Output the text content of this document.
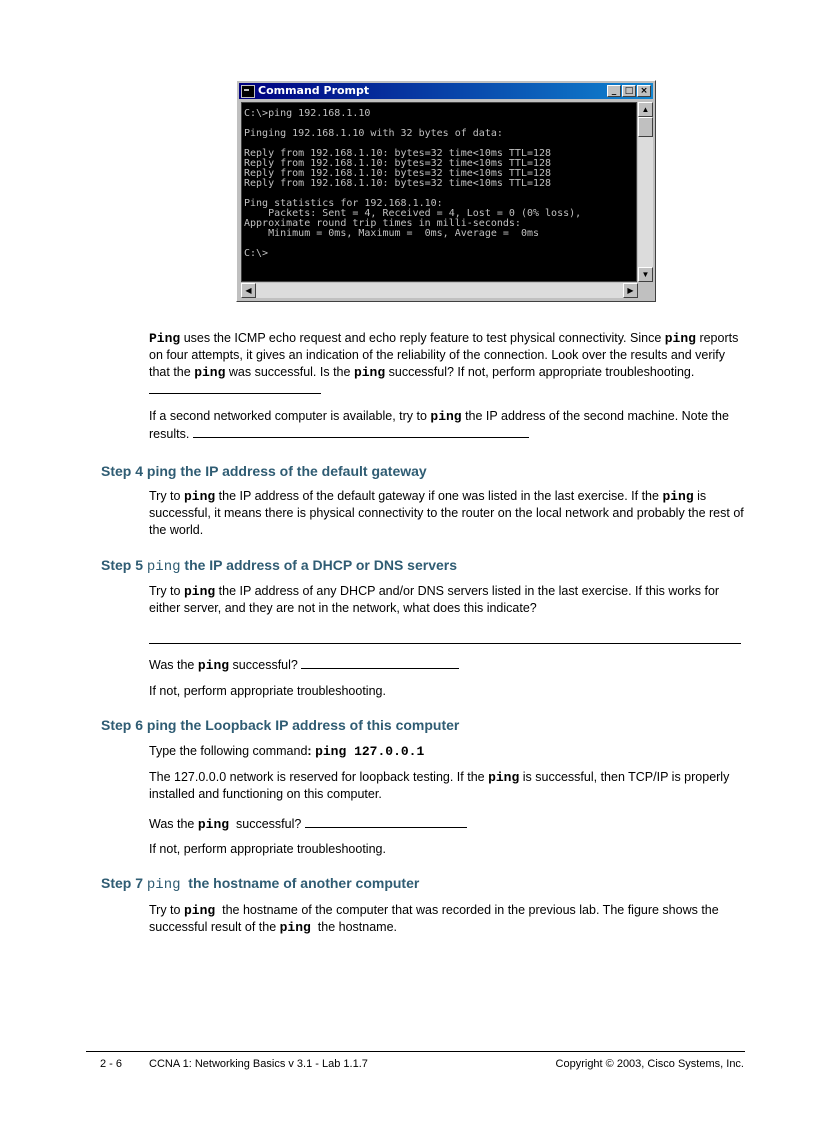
Command Prompt	_ □ ×
C:\>ping 192.168.1.10

Pinging 192.168.1.10 with 32 bytes of data:

Reply from 192.168.1.10: bytes=32 time<10ms TTL=128
Reply from 192.168.1.10: bytes=32 time<10ms TTL=128
Reply from 192.168.1.10: bytes=32 time<10ms TTL=128
Reply from 192.168.1.10: bytes=32 time<10ms TTL=128

Ping statistics for 192.168.1.10:
Packets: Sent = 4, Received = 4, Lost = 0 (0% loss),
Approximate round trip times in milli-seconds:
Minimum = 0ms, Maximum =  0ms, Average =  0ms

C:\>
▲
▼
◀	▶
Ping uses the ICMP echo request and echo reply feature to test physical connectivity. Since ping reports on four attempts, it gives an indication of the reliability of the connection. Look over the results and verify that the ping was successful. Is the ping successful? If not, perform appropriate troubleshooting.
If a second networked computer is available, try to ping the IP address of the second machine. Note the results.
Step 4 ping the IP address of the default gateway
Try to ping the IP address of the default gateway if one was listed in the last exercise. If the ping is successful, it means there is physical connectivity to the router on the local network and probably the rest of the world.
Step 5 ping the IP address of a DHCP or DNS servers
Try to ping the IP address of any DHCP and/or DNS servers listed in the last exercise. If this works for either server, and they are not in the network, what does this indicate?
Was the ping successful?
If not, perform appropriate troubleshooting.
Step 6 ping the Loopback IP address of this computer
Type the following command: ping 127.0.0.1
The 127.0.0.0 network is reserved for loopback testing. If the ping is successful, then TCP/IP is properly installed and functioning on this computer.
Was the ping  successful?
If not, perform appropriate troubleshooting.
Step 7 ping  the hostname of another computer
Try to ping  the hostname of the computer that was recorded in the previous lab. The figure shows the successful result of the ping  the hostname.
2 - 6 CCNA 1: Networking Basics v 3.1 - Lab 1.1.7	Copyright © 2003, Cisco Systems, Inc.
